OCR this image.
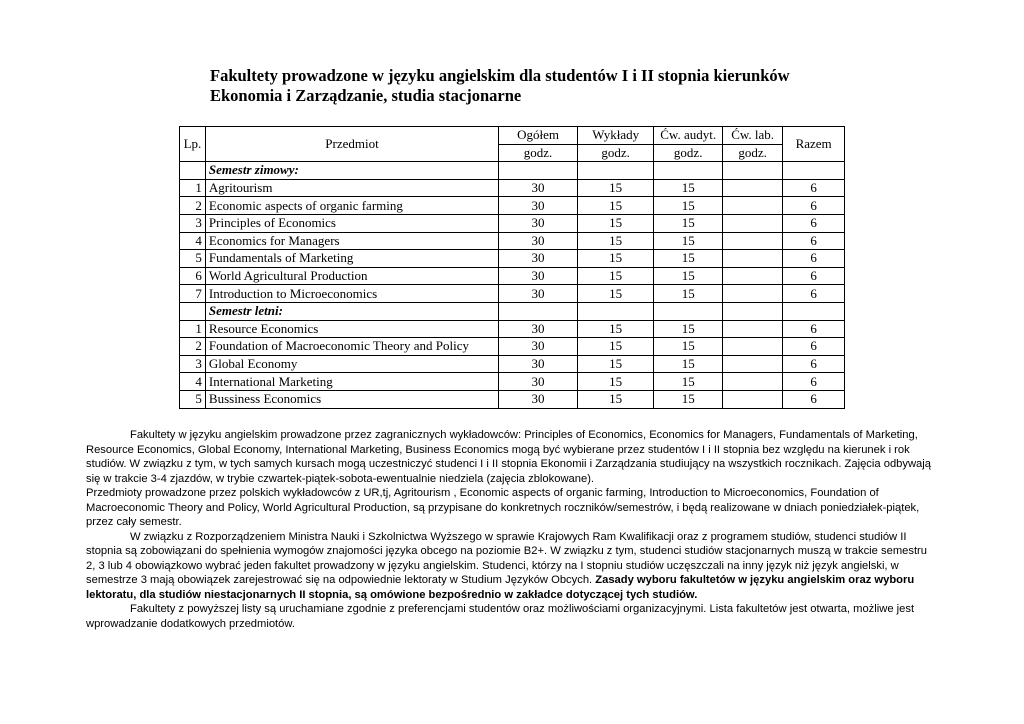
Fakultety prowadzone w języku angielskim dla studentów I i II stopnia kierunków
Ekonomia i Zarządzanie, studia stacjonarne
Lp.	Przedmiot	Ogółem	Wykłady	Ćw. audyt.	Ćw. lab.	Razem
		godz.	godz.	godz.	godz.	
	Semestr zimowy:					
1	Agritourism	30	15	15		6
2	Economic aspects of organic farming	30	15	15		6
3	Principles of Economics	30	15	15		6
4	Economics for Managers	30	15	15		6
5	Fundamentals of Marketing	30	15	15		6
6	World Agricultural Production	30	15	15		6
7	Introduction to Microeconomics	30	15	15		6
	Semestr letni:					
1	Resource Economics	30	15	15		6
2	Foundation of Macroeconomic Theory and Policy	30	15	15		6
3	Global Economy	30	15	15		6
4	International Marketing	30	15	15		6
5	Bussiness Economics	30	15	15		6

Fakultety w języku angielskim prowadzone przez zagranicznych wykładowców: Principles of Economics, Economics for Managers, Fundamentals of Marketing, Resource Economics, Global Economy, International Marketing, Business Economics mogą być wybierane przez studentów I i II stopnia bez względu na kierunek i rok studiów. W związku z tym, w tych samych kursach mogą uczestniczyć studenci I i II stopnia Ekonomii i Zarządzania studiujący na wszystkich rocznikach. Zajęcia odbywają się w trakcie 3-4 zjazdów, w trybie czwartek-piątek-sobota-ewentualnie niedziela (zajęcia zblokowane).

Przedmioty prowadzone przez polskich wykładowców z UR,tj, Agritourism , Economic aspects of organic farming, Introduction to Microeconomics, Foundation of Macroeconomic Theory and Policy, World Agricultural Production, są przypisane do konkretnych roczników/semestrów, i będą realizowane w dniach poniedziałek-piątek, przez cały semestr.

W związku z Rozporządzeniem Ministra Nauki i Szkolnictwa Wyższego w sprawie Krajowych Ram Kwalifikacji oraz z programem studiów, studenci studiów II stopnia są zobowiązani do spełnienia wymogów znajomości języka obcego na poziomie B2+. W związku z tym, studenci studiów stacjonarnych muszą w trakcie semestru 2, 3 lub 4 obowiązkowo wybrać jeden fakultet prowadzony w języku angielskim. Studenci, którzy na I stopniu studiów uczęszczali na inny język niż język angielski, w semestrze 3 mają obowiązek zarejestrować się na odpowiednie lektoraty w Studium Języków Obcych. Zasady wyboru fakultetów w języku angielskim oraz wyboru lektoratu, dla studiów niestacjonarnych II stopnia, są omówione bezpośrednio w zakładce dotyczącej tych studiów.

Fakultety z powyższej listy są uruchamiane zgodnie z preferencjami studentów oraz możliwościami organizacyjnymi. Lista fakultetów jest otwarta, możliwe jest wprowadzanie dodatkowych przedmiotów.
